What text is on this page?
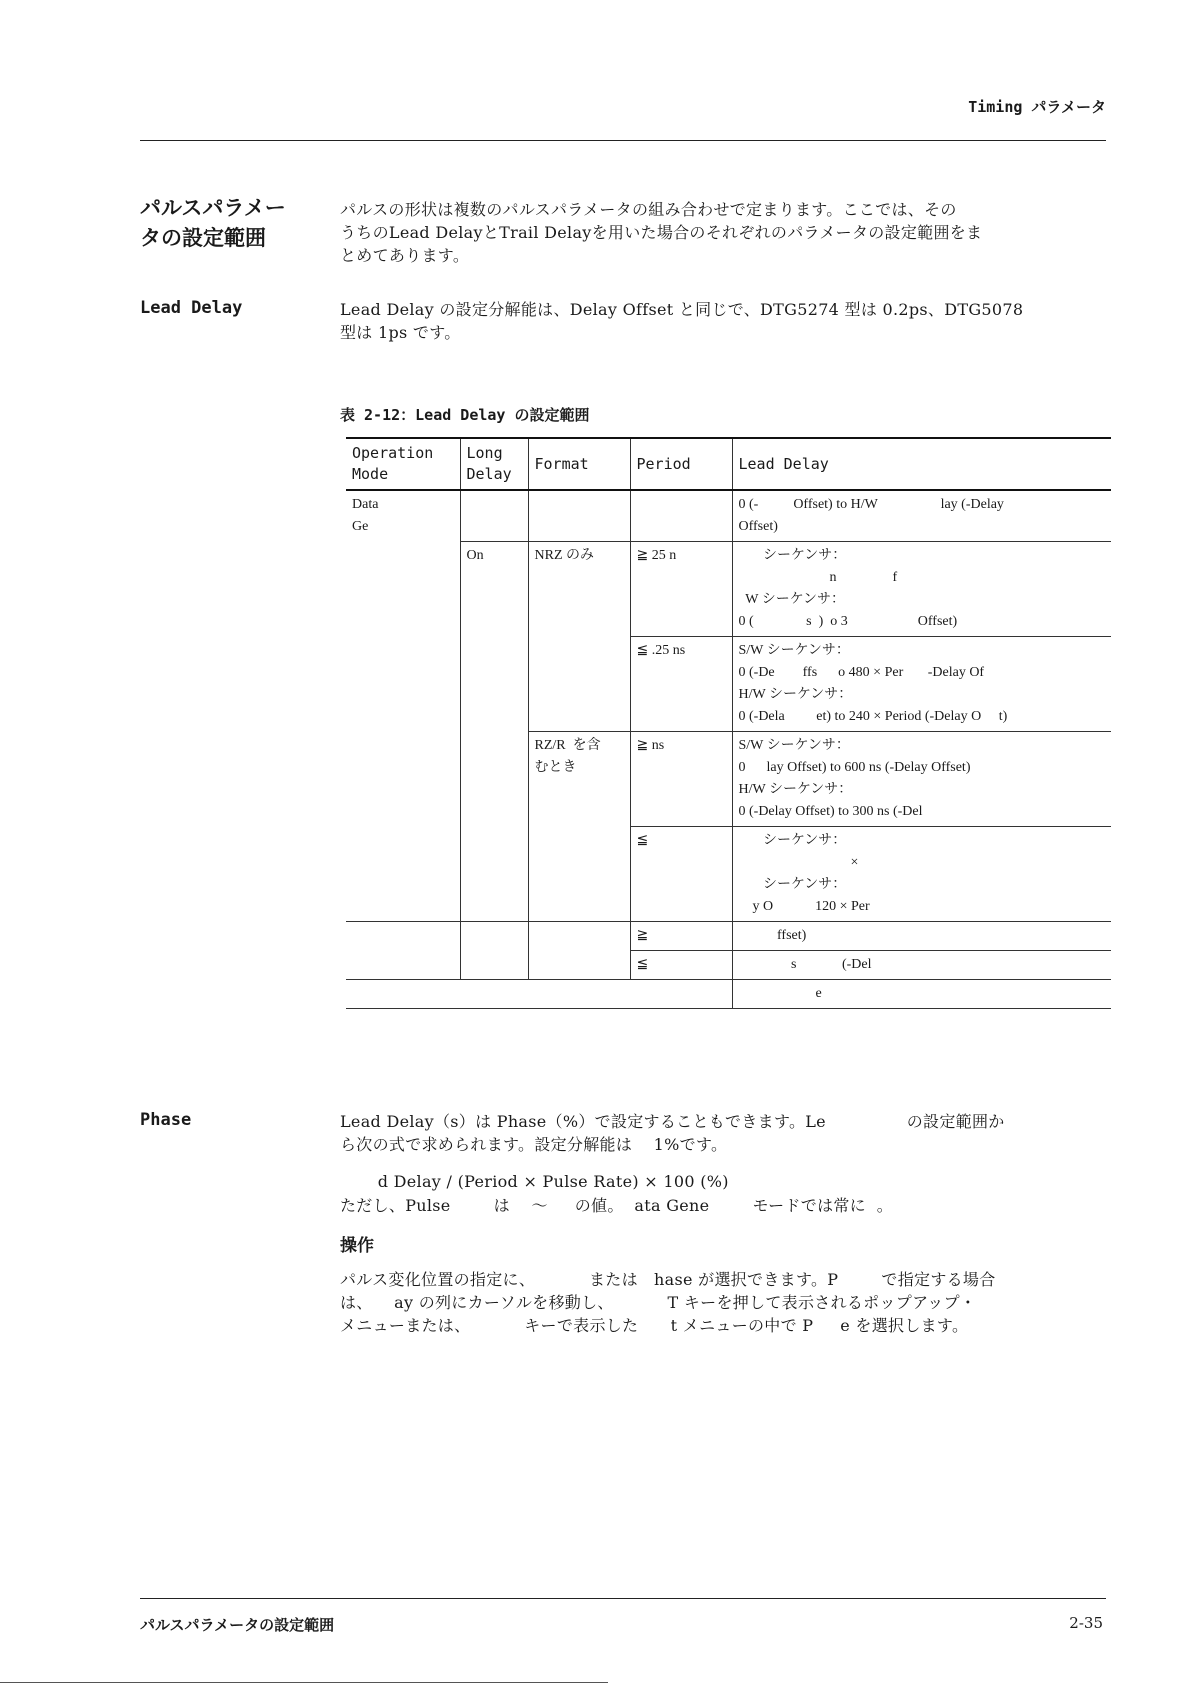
Timing パラメータ
パルスパラメー
タの設定範囲
パルスの形状は複数のパルスパラメータの組み合わせで定まります。ここでは、その
うちのLead DelayとTrail Delayを用いた場合のそれぞれのパラメータの設定範囲をま
とめてあります。
Lead Delay	Lead Delay の設定分解能は、Delay Offset と同じで、DTG5274 型は 0.2ps、DTG5078
型は 1ps です。
表 2-12：Lead Delay の設定範囲
Operation
Mode	Long
Delay	Format	Period	Lead Delay

Data
Ge				0 (-          Offset) to H/W                  lay (-Delay
Offset)

	On	NRZ のみ	≧ 25 n	シーケンサ：
n                f
W シーケンサ：
0 (               s  )  o 3                    Offset)

			≦ .25 ns	S/W シーケンサ：
0 (-De        ffs      o 480 × Per       -Delay Of
H/W シーケンサ：
0 (-Dela         et) to 240 × Period (-Delay O     t)

		RZ/R  を含
むとき	≧ ns	S/W シーケンサ：
0      lay Offset) to 600 ns (-Delay Offset)
H/W シーケンサ：
0 (-Delay Offset) to 300 ns (-Del

			≦	シーケンサ：
×
シーケンサ：
y O            120 × Per

			≧	ffset)
			≦	s             (-Del
				e
Phase	Lead Delay（s）は Phase（%）で設定することもできます。Le               の設定範囲か
ら次の式で求められます。設定分解能は    1%です。
d Delay / (Period × Pulse Rate) × 100 (%)
ただし、Pulse        は    ～     の値。  ata Gene        モードでは常に  。
操作
パルス変化位置の指定に、          または   hase が選択できます。P        で指定する場合
は、    ay の列にカーソルを移動し、          T キーを押して表示されるポップアップ・
メニューまたは、          キーで表示した      t メニューの中で P     e を選択します。
パルスパラメータの設定範囲	2-35
